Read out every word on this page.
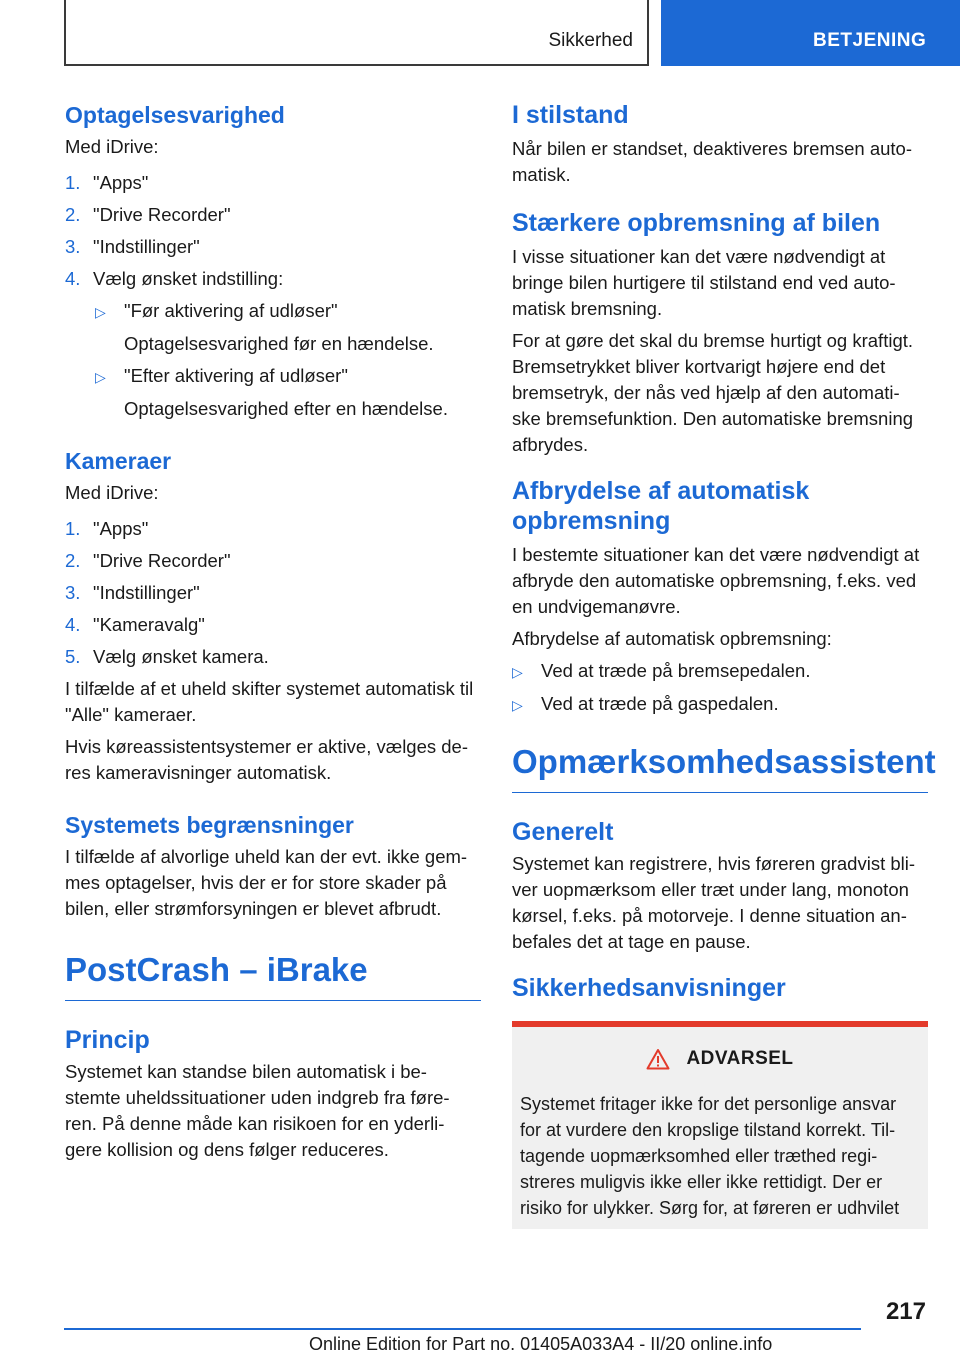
Sikkerhed	BETJENING
Optagelsesvarighed

Med iDrive:

1. "Apps"
2. "Drive Recorder"
3. "Indstillinger"
4. Vælg ønsket indstilling:
▷ "Før aktivering af udløser"
Optagelsesvarighed før en hændelse.
▷ "Efter aktivering af udløser"
Optagelsesvarighed efter en hændelse.
Kameraer

Med iDrive:

1. "Apps"
2. "Drive Recorder"
3. "Indstillinger"
4. "Kameravalg"
5. Vælg ønsket kamera.

I tilfælde af et uheld skifter systemet automatisk til "Alle" kameraer.

Hvis køreassistentsystemer er aktive, vælges de-res kameravisninger automatisk.

Systemets begrænsninger

I tilfælde af alvorlige uheld kan der evt. ikke gem-mes optagelser, hvis der er for store skader på bilen, eller strømforsyningen er blevet afbrudt.

PostCrash – iBrake
Princip

Systemet kan standse bilen automatisk i be-stemte uheldssituationer uden indgreb fra føre-ren. På denne måde kan risikoen for en yderli-gere kollision og dens følger reduceres.

I stilstand

Når bilen er standset, deaktiveres bremsen auto-matisk.

Stærkere opbremsning af bilen

I visse situationer kan det være nødvendigt at bringe bilen hurtigere til stilstand end ved auto-matisk bremsning.

For at gøre det skal du bremse hurtigt og kraftigt. Bremsetrykket bliver kortvarigt højere end det bremsetryk, der nås ved hjælp af den automati-ske bremsefunktion. Den automatiske bremsning afbrydes.

Afbrydelse af automatisk opbremsning

I bestemte situationer kan det være nødvendigt at afbryde den automatiske opbremsning, f.eks. ved en undvigemanøvre.

Afbrydelse af automatisk opbremsning:

▷ Ved at træde på bremsepedalen.
▷ Ved at træde på gaspedalen.
Opmærksomhedsassistent
Generelt

Systemet kan registrere, hvis føreren gradvist bli-ver uopmærksom eller træt under lang, monoton kørsel, f.eks. på motorveje. I denne situation an-befales det at tage en pause.

Sikkerhedsanvisninger
ADVARSEL

Systemet fritager ikke for det personlige ansvar for at vurdere den kropslige tilstand korrekt. Til-tagende uopmærksomhed eller træthed regi-streres muligvis ikke eller ikke rettidigt. Der er risiko for ulykker. Sørg for, at føreren er udhvilet

217
Online Edition for Part no. 01405A033A4 - II/20 online.info
